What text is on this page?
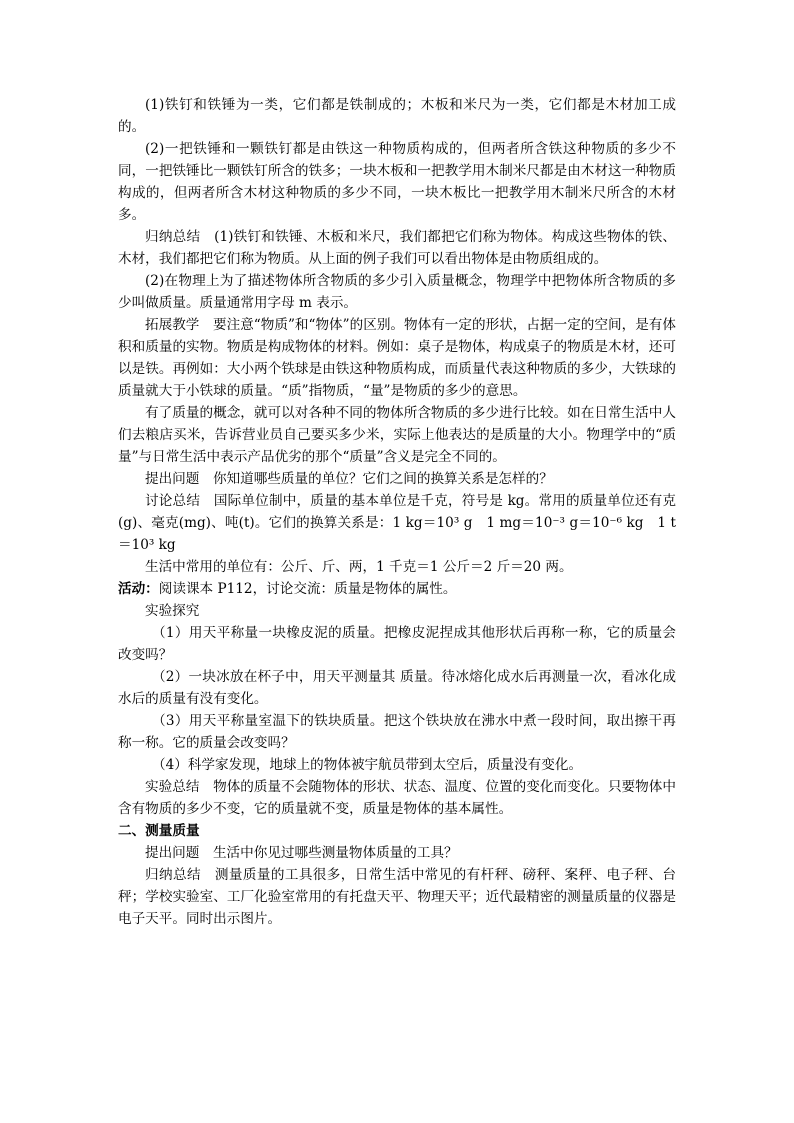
(1)铁钉和铁锤为一类，它们都是铁制成的；木板和米尺为一类，它们都是木材加工成的。

(2)一把铁锤和一颗铁钉都是由铁这一种物质构成的，但两者所含铁这种物质的多少不同，一把铁锤比一颗铁钉所含的铁多；一块木板和一把教学用木制米尺都是由木材这一种物质构成的，但两者所含木材这种物质的多少不同，一块木板比一把教学用木制米尺所含的木材多。

归纳总结　(1)铁钉和铁锤、木板和米尺，我们都把它们称为物体。构成这些物体的铁、木材，我们都把它们称为物质。从上面的例子我们可以看出物体是由物质组成的。

(2)在物理上为了描述物体所含物质的多少引入质量概念，物理学中把物体所含物质的多少叫做质量。质量通常用字母 m 表示。

拓展教学　要注意“物质”和“物体”的区别。物体有一定的形状，占据一定的空间，是有体积和质量的实物。物质是构成物体的材料。例如：桌子是物体，构成桌子的物质是木材，还可以是铁。再例如：大小两个铁球是由铁这种物质构成，而质量代表这种物质的多少，大铁球的质量就大于小铁球的质量。“质”指物质，“量”是物质的多少的意思。

有了质量的概念，就可以对各种不同的物体所含物质的多少进行比较。如在日常生活中人们去粮店买米，告诉营业员自己要买多少米，实际上他表达的是质量的大小。物理学中的“质量”与日常生活中表示产品优劣的那个“质量”含义是完全不同的。

提出问题　你知道哪些质量的单位？它们之间的换算关系是怎样的？

讨论总结　国际单位制中，质量的基本单位是千克，符号是 kg。常用的质量单位还有克(g)、毫克(mg)、吨(t)。它们的换算关系是：1 kg＝10³ g　1 mg＝10⁻³ g＝10⁻⁶ kg　1 t＝10³ kg

生活中常用的单位有：公斤、斤、两，1 千克＝1 公斤＝2 斤＝20 两。

活动：阅读课本 P112，讨论交流：质量是物体的属性。

实验探究

（1）用天平称量一块橡皮泥的质量。把橡皮泥捏成其他形状后再称一称，它的质量会改变吗？

（2）一块冰放在杯子中，用天平测量其 质量。待冰熔化成水后再测量一次，看冰化成水后的质量有没有变化。

（3）用天平称量室温下的铁块质量。把这个铁块放在沸水中煮一段时间，取出擦干再称一称。它的质量会改变吗？

（4）科学家发现，地球上的物体被宇航员带到太空后，质量没有变化。

实验总结　物体的质量不会随物体的形状、状态、温度、位置的变化而变化。只要物体中含有物质的多少不变，它的质量就不变，质量是物体的基本属性。

二、测量质量

提出问题　生活中你见过哪些测量物体质量的工具？

归纳总结　测量质量的工具很多，日常生活中常见的有杆秤、磅秤、案秤、电子秤、台秤；学校实验室、工厂化验室常用的有托盘天平、物理天平；近代最精密的测量质量的仪器是电子天平。同时出示图片。
